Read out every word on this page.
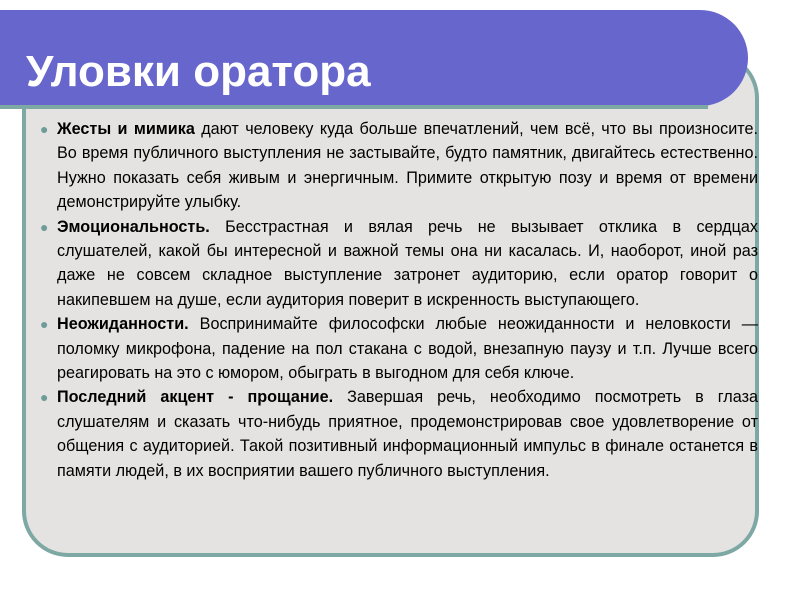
Уловки оратора

● Жесты и мимика дают человеку куда больше впечатлений, чем всё, что вы произносите. Во время публичного выступления не застывайте, будто памятник, двигайтесь естественно. Нужно показать себя живым и энергичным. Примите открытую позу и время от времени демонстрируйте улыбку.

● Эмоциональность. Бесстрастная и вялая речь не вызывает отклика в сердцах слушателей, какой бы интересной и важной темы она ни касалась. И, наоборот, иной раз даже не совсем складное выступление затронет аудиторию, если оратор говорит о накипевшем на душе, если аудитория поверит в искренность выступающего.

● Неожиданности. Воспринимайте философски любые неожиданности и неловкости — поломку микрофона, падение на пол стакана с водой, внезапную паузу и т.п. Лучше всего реагировать на это с юмором, обыграть в выгодном для себя ключе.

● Последний акцент - прощание. Завершая речь, необходимо посмотреть в глаза слушателям и сказать что-нибудь приятное, продемонстрировав свое удовлетворение от общения с аудиторией. Такой позитивный информационный импульс в финале останется в памяти людей, в их восприятии вашего публичного выступления.
